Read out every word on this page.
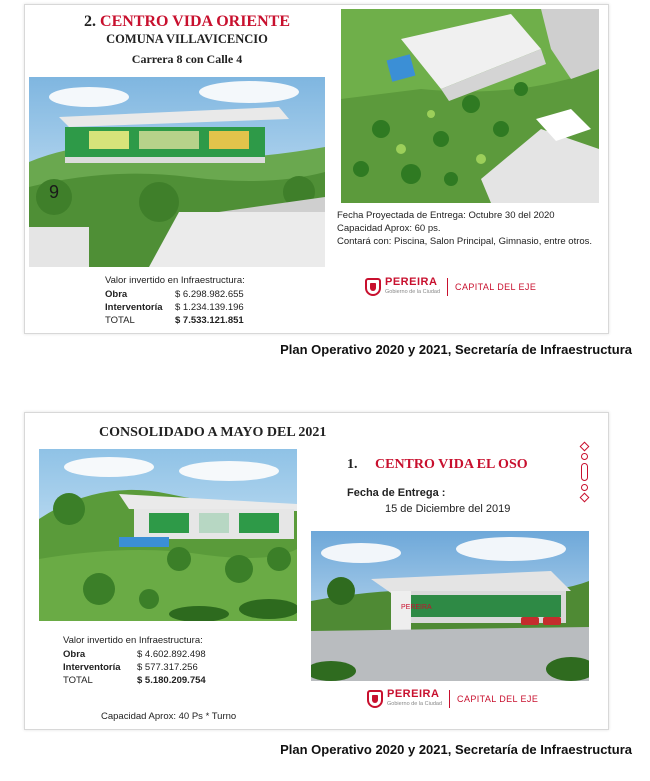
2. CENTRO VIDA ORIENTE
COMUNA VILLAVICENCIO
Carrera 8 con Calle 4
9
Valor invertido en Infraestructura:
Obra	$ 6.298.982.655
Interventoría	$ 1.234.139.196
TOTAL	$ 7.533.121.851
Fecha Proyectada de Entrega: Octubre 30 del 2020
Capacidad Aprox: 60 ps.
Contará con: Piscina, Salon Principal, Gimnasio, entre otros.
PEREIRA
Gobierno de la Ciudad CAPITAL DEL EJE
Plan Operativo 2020 y 2021, Secretaría de Infraestructura
CONSOLIDADO A MAYO DEL 2021
1. CENTRO VIDA EL OSO
Fecha de Entrega :
15 de Diciembre del 2019
PEREIRA
Valor invertido en Infraestructura:
Obra	$ 4.602.892.498
Interventoría	$ 577.317.256
TOTAL	$ 5.180.209.754
Capacidad Aprox: 40 Ps * Turno
PEREIRA
Gobierno de la Ciudad CAPITAL DEL EJE
Plan Operativo 2020 y 2021, Secretaría de Infraestructura
